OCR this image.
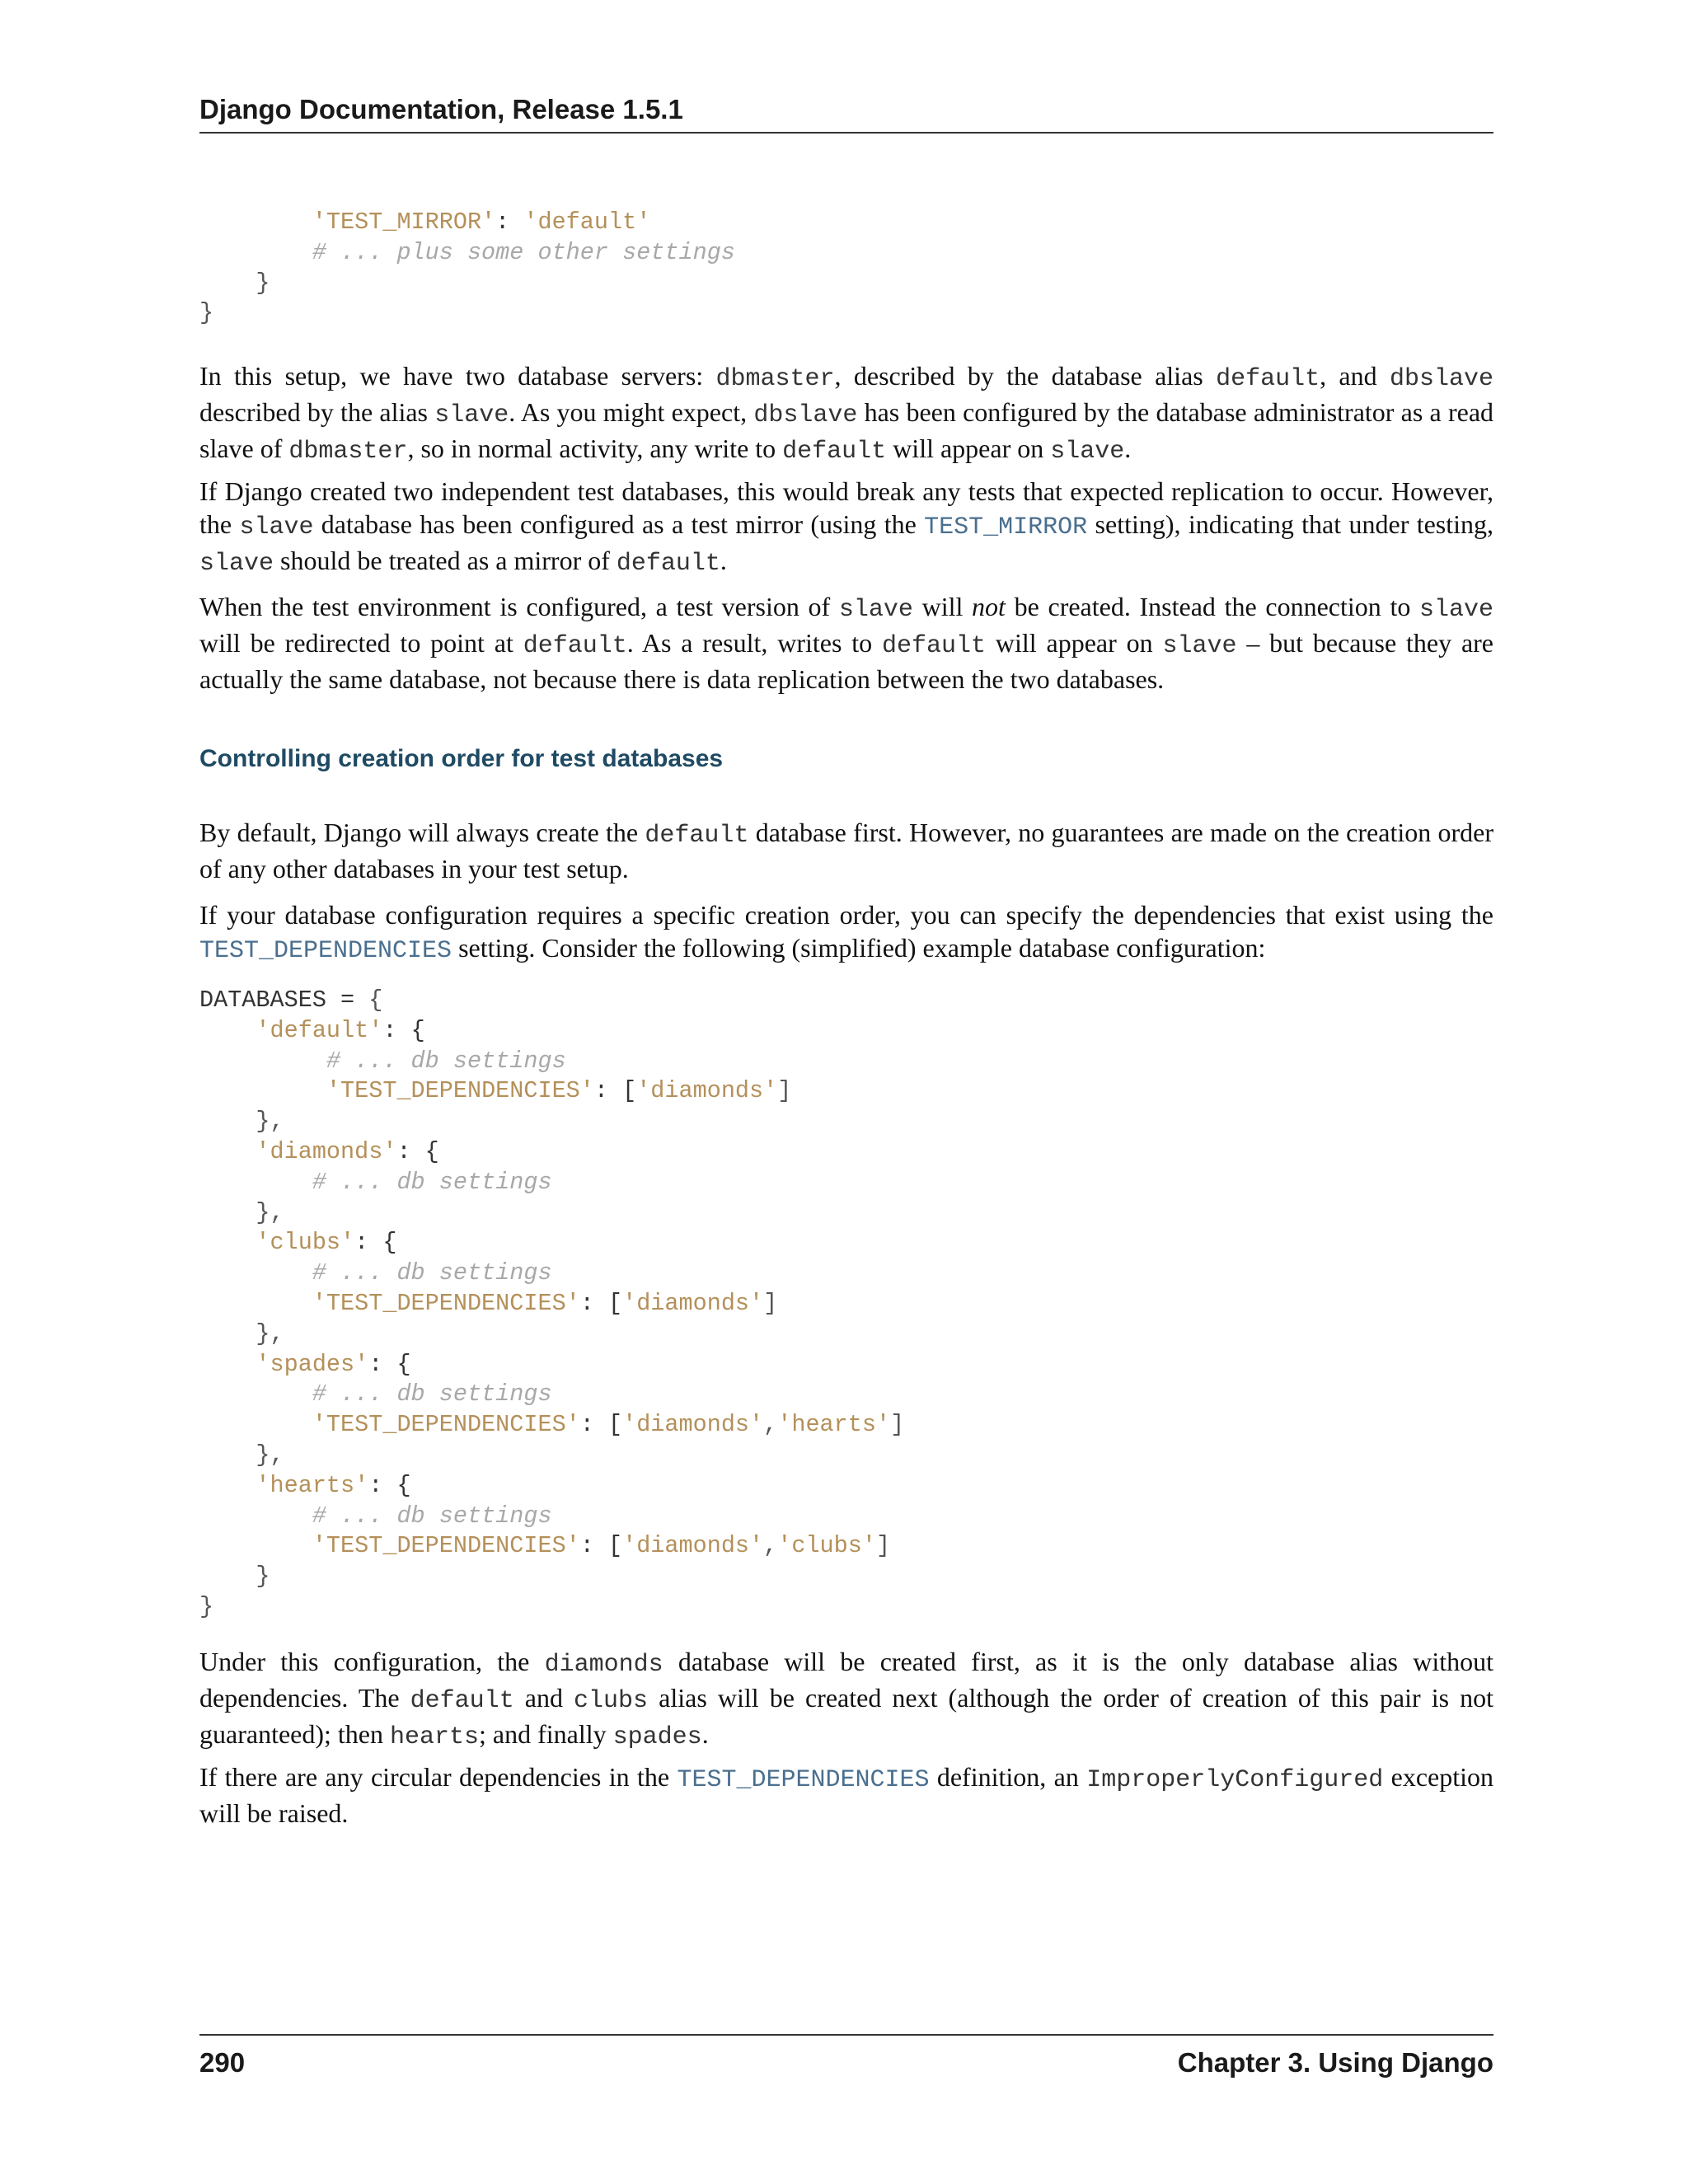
Django Documentation, Release 1.5.1
'TEST_MIRROR': 'default'
# ... plus some other settings
}
}

In this setup, we have two database servers: dbmaster, described by the database alias default, and dbslave described by the alias slave. As you might expect, dbslave has been configured by the database administrator as a read slave of dbmaster, so in normal activity, any write to default will appear on slave.

If Django created two independent test databases, this would break any tests that expected replication to occur. However, the slave database has been configured as a test mirror (using the TEST_MIRROR setting), indicating that under testing, slave should be treated as a mirror of default.

When the test environment is configured, a test version of slave will not be created. Instead the connection to slave will be redirected to point at default. As a result, writes to default will appear on slave – but because they are actually the same database, not because there is data replication between the two databases.

Controlling creation order for test databases

By default, Django will always create the default database first. However, no guarantees are made on the creation order of any other databases in your test setup.

If your database configuration requires a specific creation order, you can specify the dependencies that exist using the TEST_DEPENDENCIES setting. Consider the following (simplified) example database configuration:

DATABASES = {
'default': {
# ... db settings
'TEST_DEPENDENCIES': ['diamonds']
},
'diamonds': {
# ... db settings
},
'clubs': {
# ... db settings
'TEST_DEPENDENCIES': ['diamonds']
},
'spades': {
# ... db settings
'TEST_DEPENDENCIES': ['diamonds','hearts']
},
'hearts': {
# ... db settings
'TEST_DEPENDENCIES': ['diamonds','clubs']
}
}

Under this configuration, the diamonds database will be created first, as it is the only database alias without dependencies. The default and clubs alias will be created next (although the order of creation of this pair is not guaranteed); then hearts; and finally spades.

If there are any circular dependencies in the TEST_DEPENDENCIES definition, an ImproperlyConfigured exception will be raised.

290	Chapter 3. Using Django
